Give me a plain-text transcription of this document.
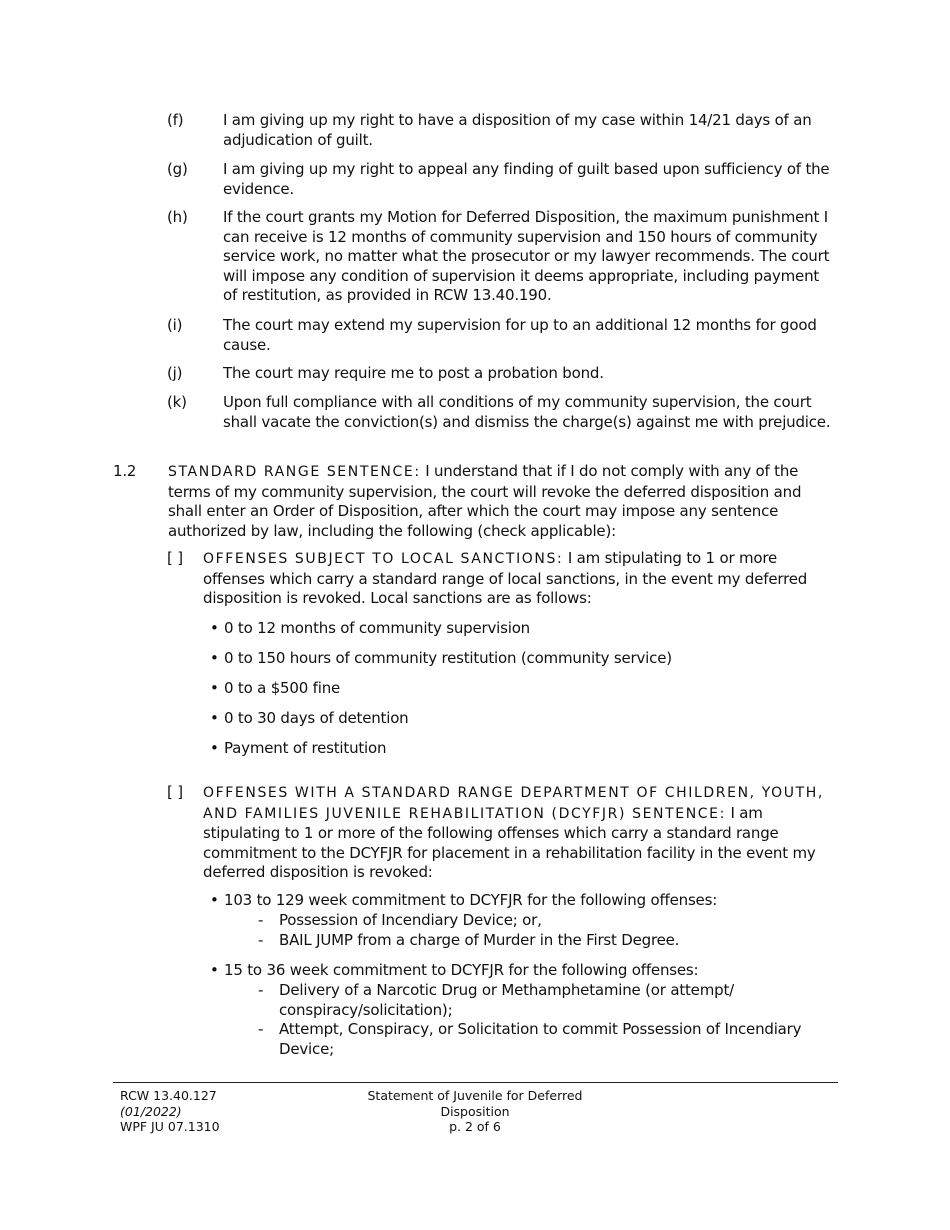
(f)	I am giving up my right to have a disposition of my case within 14/21 days of an adjudication of guilt.
(g) I am giving up my right to appeal any finding of guilt based upon sufficiency of the evidence.
(h) If the court grants my Motion for Deferred Disposition, the maximum punishment I can receive is 12 months of community supervision and 150 hours of community service work, no matter what the prosecutor or my lawyer recommends. The court will impose any condition of supervision it deems appropriate, including payment of restitution, as provided in RCW 13.40.190.
(i)	The court may extend my supervision for up to an additional 12 months for good cause.
(j)	The court may require me to post a probation bond.
(k) Upon full compliance with all conditions of my community supervision, the court shall vacate the conviction(s) and dismiss the charge(s) against me with prejudice.
1.2 STANDARD RANGE SENTENCE: I understand that if I do not comply with any of the terms of my community supervision, the court will revoke the deferred disposition and shall enter an Order of Disposition, after which the court may impose any sentence authorized by law, including the following (check applicable):
[ ] OFFENSES SUBJECT TO LOCAL SANCTIONS: I am stipulating to 1 or more offenses which carry a standard range of local sanctions, in the event my deferred disposition is revoked. Local sanctions are as follows:
• 0 to 12 months of community supervision
• 0 to 150 hours of community restitution (community service)
• 0 to a $500 fine
• 0 to 30 days of detention
• Payment of restitution
[ ] OFFENSES WITH A STANDARD RANGE DEPARTMENT OF CHILDREN, YOUTH, AND FAMILIES JUVENILE REHABILITATION (DCYFJR) SENTENCE: I am stipulating to 1 or more of the following offenses which carry a standard range commitment to the DCYFJR for placement in a rehabilitation facility in the event my deferred disposition is revoked:
• 103 to 129 week commitment to DCYFJR for the following offenses:
- Possession of Incendiary Device; or,
- BAIL JUMP from a charge of Murder in the First Degree.
• 15 to 36 week commitment to DCYFJR for the following offenses:
- Delivery of a Narcotic Drug or Methamphetamine (or attempt/ conspiracy/solicitation);
- Attempt, Conspiracy, or Solicitation to commit Possession of Incendiary Device;
RCW 13.40.127
(01/2022)
WPF JU 07.1310
Statement of Juvenile for Deferred
Disposition
p. 2 of 6
